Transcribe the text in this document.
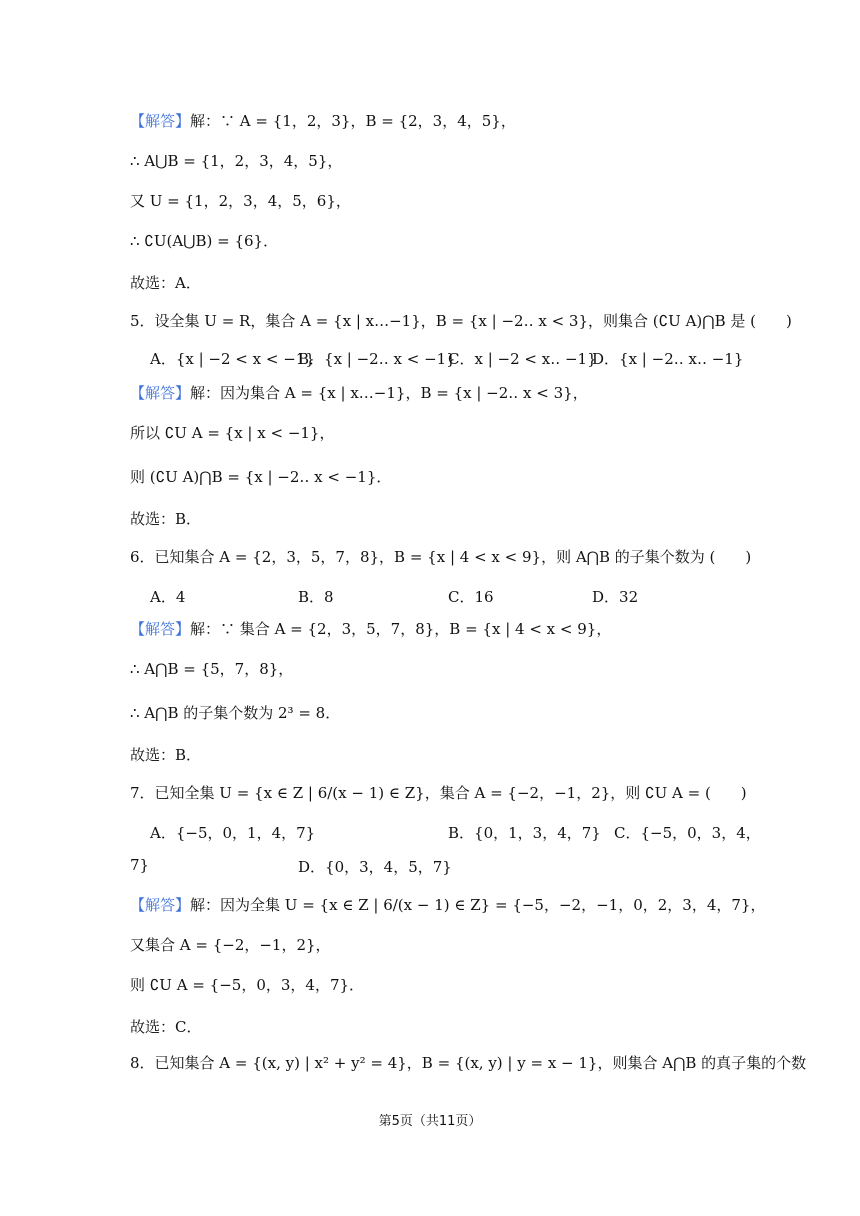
【解答】解：∵ A = {1，2，3}，B = {2，3，4，5}，
∴ A⋃B = {1，2，3，4，5}，
又 U = {1，2，3，4，5，6}，
∴ ∁U(A⋃B) = {6}．
故选：A．
5．设全集 U = R，集合 A = {x | x…−1}，B = {x | −2‥ x < 3}，则集合 (∁U A)⋂B 是 (　　)
A．{x | −2 < x < −1}
B．{x | −2‥ x < −1}
C．x | −2 < x‥ −1}
D．{x | −2‥ x‥ −1}
【解答】解：因为集合 A = {x | x…−1}，B = {x | −2‥ x < 3}，
所以 ∁U A = {x | x < −1}，
则 (∁U A)⋂B = {x | −2‥ x < −1}．
故选：B．
6．已知集合 A = {2，3，5，7，8}，B = {x | 4 < x < 9}，则 A⋂B 的子集个数为 (　　)
A．4	B．8	C．16	D．32
【解答】解：∵ 集合 A = {2，3，5，7，8}，B = {x | 4 < x < 9}，
∴ A⋂B = {5，7，8}，
∴ A⋂B 的子集个数为 2³ = 8．
故选：B．
7．已知全集 U = {x ∈ Z | 6/(x − 1) ∈ Z}，集合 A = {−2，−1，2}，则 ∁U A = (　　)
A．{−5，0，1，4，7}	B．{0，1，3，4，7} C．{−5，0，3，4，
7}	D．{0，3，4，5，7}
【解答】解：因为全集 U = {x ∈ Z | 6/(x − 1) ∈ Z} = {−5，−2，−1，0，2，3，4，7}，
又集合 A = {−2，−1，2}，
则 ∁U A = {−5，0，3，4，7}．
故选：C．
8．已知集合 A = {(x, y) | x² + y² = 4}，B = {(x, y) | y = x − 1}，则集合 A⋂B 的真子集的个数
第5页（共11页）
